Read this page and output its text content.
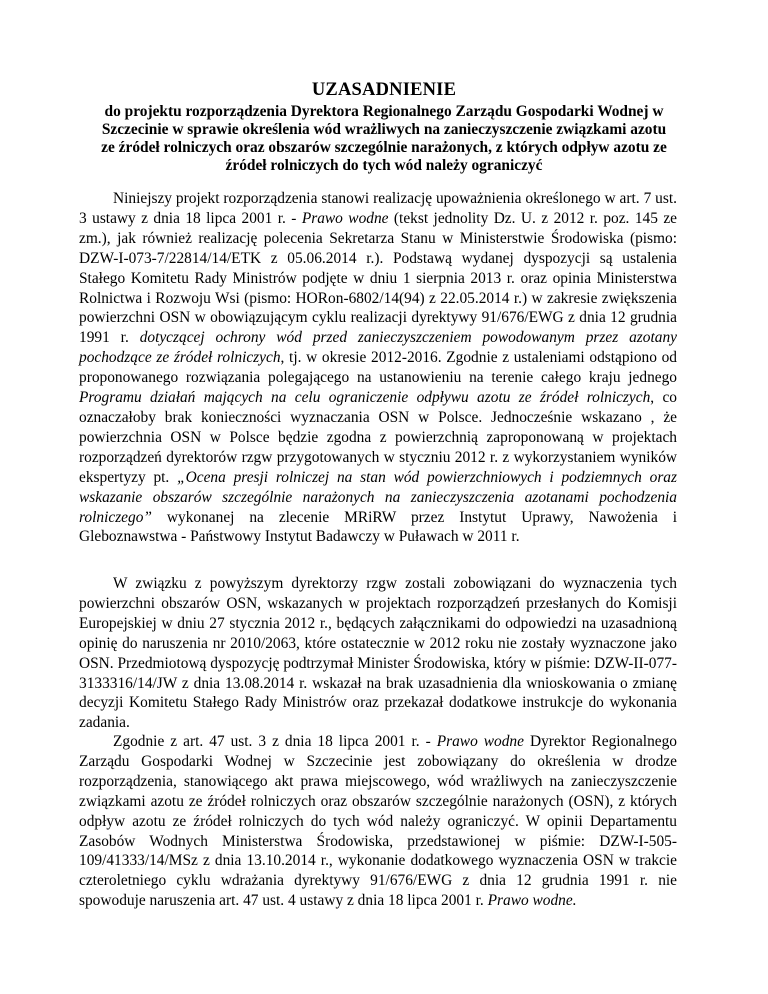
UZASADNIENIE
do projektu rozporządzenia Dyrektora Regionalnego Zarządu Gospodarki Wodnej w Szczecinie w sprawie określenia wód wrażliwych na zanieczyszczenie związkami azotu ze źródeł rolniczych oraz obszarów szczególnie narażonych, z których odpływ azotu ze źródeł rolniczych do tych wód należy ograniczyć

Niniejszy projekt rozporządzenia stanowi realizację upoważnienia określonego w art. 7 ust. 3 ustawy z dnia 18 lipca 2001 r. - Prawo wodne (tekst jednolity Dz. U. z 2012 r. poz. 145 ze zm.), jak również realizację polecenia Sekretarza Stanu w Ministerstwie Środowiska (pismo: DZW-I-073-7/22814/14/ETK z 05.06.2014 r.). Podstawą wydanej dyspozycji są ustalenia Stałego Komitetu Rady Ministrów podjęte w dniu 1 sierpnia 2013 r. oraz opinia Ministerstwa Rolnictwa i Rozwoju Wsi (pismo: HORon-6802/14(94) z 22.05.2014 r.) w zakresie zwiększenia powierzchni OSN w obowiązującym cyklu realizacji dyrektywy 91/676/EWG z dnia 12 grudnia 1991 r. dotyczącej ochrony wód przed zanieczyszczeniem powodowanym przez azotany pochodzące ze źródeł rolniczych, tj. w okresie 2012-2016. Zgodnie z ustaleniami odstąpiono od proponowanego rozwiązania polegającego na ustanowieniu na terenie całego kraju jednego Programu działań mających na celu ograniczenie odpływu azotu ze źródeł rolniczych, co oznaczałoby brak konieczności wyznaczania OSN w Polsce. Jednocześnie wskazano , że powierzchnia OSN w Polsce będzie zgodna z powierzchnią zaproponowaną w projektach rozporządzeń dyrektorów rzgw przygotowanych w styczniu 2012 r. z wykorzystaniem wyników ekspertyzy pt. „Ocena presji rolniczej na stan wód powierzchniowych i podziemnych oraz wskazanie obszarów szczególnie narażonych na zanieczyszczenia azotanami pochodzenia rolniczego” wykonanej na zlecenie MRiRW przez Instytut Uprawy, Nawożenia i Gleboznawstwa - Państwowy Instytut Badawczy w Puławach w 2011 r.

W związku z powyższym dyrektorzy rzgw zostali zobowiązani do wyznaczenia tych powierzchni obszarów OSN, wskazanych w projektach rozporządzeń przesłanych do Komisji Europejskiej w dniu 27 stycznia 2012 r., będących załącznikami do odpowiedzi na uzasadnioną opinię do naruszenia nr 2010/2063, które ostatecznie w 2012 roku nie zostały wyznaczone jako OSN. Przedmiotową dyspozycję podtrzymał Minister Środowiska, który w piśmie: DZW-II-077-3133316/14/JW z dnia 13.08.2014 r. wskazał na brak uzasadnienia dla wnioskowania o zmianę decyzji Komitetu Stałego Rady Ministrów oraz przekazał dodatkowe instrukcje do wykonania zadania.

Zgodnie z art. 47 ust. 3 z dnia 18 lipca 2001 r. - Prawo wodne Dyrektor Regionalnego Zarządu Gospodarki Wodnej w Szczecinie jest zobowiązany do określenia w drodze rozporządzenia, stanowiącego akt prawa miejscowego, wód wrażliwych na zanieczyszczenie związkami azotu ze źródeł rolniczych oraz obszarów szczególnie narażonych (OSN), z których odpływ azotu ze źródeł rolniczych do tych wód należy ograniczyć. W opinii Departamentu Zasobów Wodnych Ministerstwa Środowiska, przedstawionej w piśmie: DZW-I-505-109/41333/14/MSz z dnia 13.10.2014 r., wykonanie dodatkowego wyznaczenia OSN w trakcie czteroletniego cyklu wdrażania dyrektywy 91/676/EWG z dnia 12 grudnia 1991 r. nie spowoduje naruszenia art. 47 ust. 4 ustawy z dnia 18 lipca 2001 r. Prawo wodne.
